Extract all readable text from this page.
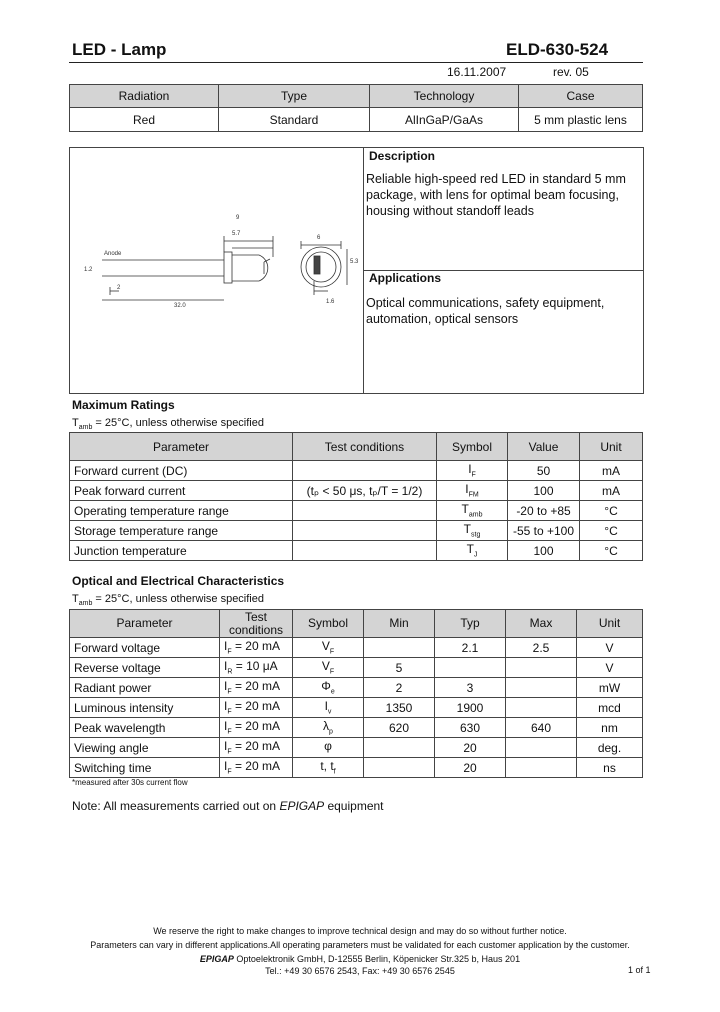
LED - Lamp	ELD-630-524
16.11.2007	rev. 05
Radiation	Type	Technology	Case
Red	Standard	AlInGaP/GaAs	5 mm plastic lens
9
5.7
Anode
1.2
2
32.0
6
5.3
1.6
Description
Reliable high-speed red LED in standard 5 mm package, with lens for optimal beam focusing, housing without standoff leads
Applications
Optical communications, safety equipment, automation, optical sensors
Maximum Ratings
$T_{amb} = 25^\circ C$, unless otherwise specified
Parameter	Test conditions	Symbol	Value	Unit
Forward current (DC)		$I_F$	50	mA
Peak forward current	(tₚ < 50 μs, tₚ/T = 1/2)	$I_{FM}$	100	mA
Operating temperature range		$T_{amb}$	-20 to +85	°C
Storage temperature range		$T_{stg}$	-55 to +100	°C
Junction temperature		$T_J$	100	°C
Optical and Electrical Characteristics
$T_{amb} = 25^\circ C$, unless otherwise specified
Parameter	Test conditions	Symbol	Min	Typ	Max	Unit
Forward voltage	$I_F = 20$ mA	$V_F$		2.1	2.5	V
Reverse voltage	$I_R = 10$ μA	$V_F$	5			V
Radiant power	$I_F = 20$ mA	$\Phi_e$	2	3		mW
Luminous intensity	$I_F = 20$ mA	$I_v$	1350	1900		mcd
Peak wavelength	$I_F = 20$ mA	$\lambda_p$	620	630	640	nm
Viewing angle	$I_F = 20$ mA	φ		20		deg.
Switching time	$I_F = 20$ mA	t, $t_f$		20		ns
*measured after 30s current flow
Note: All measurements carried out on EPIGAP equipment
We reserve the right to make changes to improve technical design and may do so without further notice.
Parameters can vary in different applications.All operating parameters must be validated for each customer application by the customer.
EPIGAP Optoelektronik GmbH, D-12555 Berlin, Köpenicker Str.325 b, Haus 201
Tel.: +49 30 6576 2543, Fax: +49 30 6576 2545	1 of 1
